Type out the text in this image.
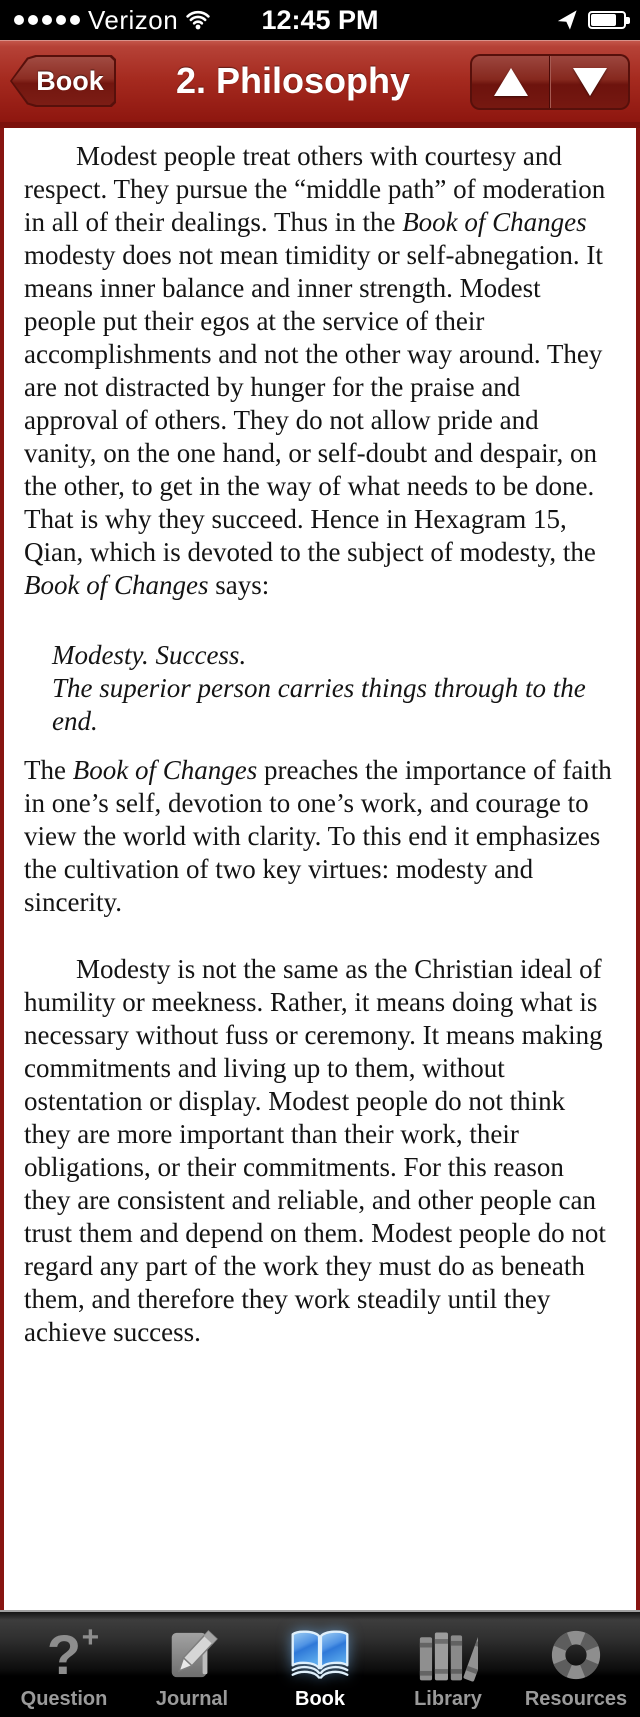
Verizon	12:45 PM
Book	2. Philosophy

Modest people treat others with courtesy and respect. They pursue the “middle path” of moderation in all of their dealings. Thus in the Book of Changes modesty does not mean timidity or self-abnegation. It means inner balance and inner strength. Modest people put their egos at the service of their accomplishments and not the other way around. They are not distracted by hunger for the praise and approval of others. They do not allow pride and vanity, on the one hand, or self-doubt and despair, on the other, to get in the way of what needs to be done. That is why they succeed. Hence in Hexagram 15, Qian, which is devoted to the subject of modesty, the Book of Changes says:

Modesty. Success.
The superior person carries things through to the end.

The Book of Changes preaches the importance of faith in one’s self, devotion to one’s work, and courage to view the world with clarity. To this end it emphasizes the cultivation of two key virtues: modesty and sincerity.

Modesty is not the same as the Christian ideal of humility or meekness. Rather, it means doing what is necessary without fuss or ceremony. It means making commitments and living up to them, without ostentation or display. Modest people do not think they are more important than their work, their obligations, or their commitments. For this reason they are consistent and reliable, and other people can trust them and depend on them. Modest people do not regard any part of the work they must do as beneath them, and therefore they work steadily until they achieve success.

? +
Question Journal	Book	Library Resources
